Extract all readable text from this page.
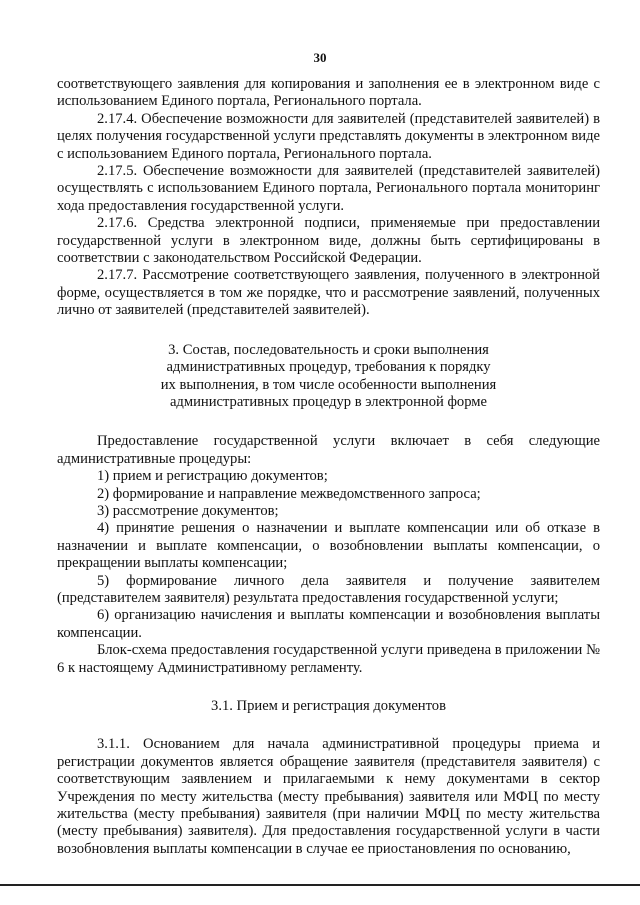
30

соответствующего заявления для копирования и заполнения ее в электронном виде с использованием Единого портала, Регионального портала.

2.17.4. Обеспечение возможности для заявителей (представителей заявителей) в целях получения государственной услуги представлять документы в электронном виде с использованием Единого портала, Регионального портала.

2.17.5. Обеспечение возможности для заявителей (представителей заявителей) осуществлять с использованием Единого портала, Регионального портала мониторинг хода предоставления государственной услуги.

2.17.6. Средства электронной подписи, применяемые при предоставлении государственной услуги в электронном виде, должны быть сертифицированы в соответствии с законодательством Российской Федерации.

2.17.7. Рассмотрение соответствующего заявления, полученного в электронной форме, осуществляется в том же порядке, что и рассмотрение заявлений, полученных лично от заявителей (представителей заявителей).

3. Состав, последовательность и сроки выполнения
административных процедур, требования к порядку
их выполнения, в том числе особенности выполнения
административных процедур в электронной форме

Предоставление государственной услуги включает в себя следующие административные процедуры:

1) прием и регистрацию документов;

2) формирование и направление межведомственного запроса;

3) рассмотрение документов;

4) принятие решения о назначении и выплате компенсации или об отказе в назначении и выплате компенсации, о возобновлении выплаты компенсации, о прекращении выплаты компенсации;

5) формирование личного дела заявителя и получение заявителем (представителем заявителя) результата предоставления государственной услуги;

6) организацию начисления и выплаты компенсации и возобновления выплаты компенсации.

Блок-схема предоставления государственной услуги приведена в приложении № 6 к настоящему Административному регламенту.

3.1. Прием и регистрация документов

3.1.1. Основанием для начала административной процедуры приема и регистрации документов является обращение заявителя (представителя заявителя) с соответствующим заявлением и прилагаемыми к нему документами в сектор Учреждения по месту жительства (месту пребывания) заявителя или МФЦ по месту жительства (месту пребывания) заявителя (при наличии МФЦ по месту жительства (месту пребывания) заявителя). Для предоставления государственной услуги в части возобновления выплаты компенсации в случае ее приостановления по основанию,
